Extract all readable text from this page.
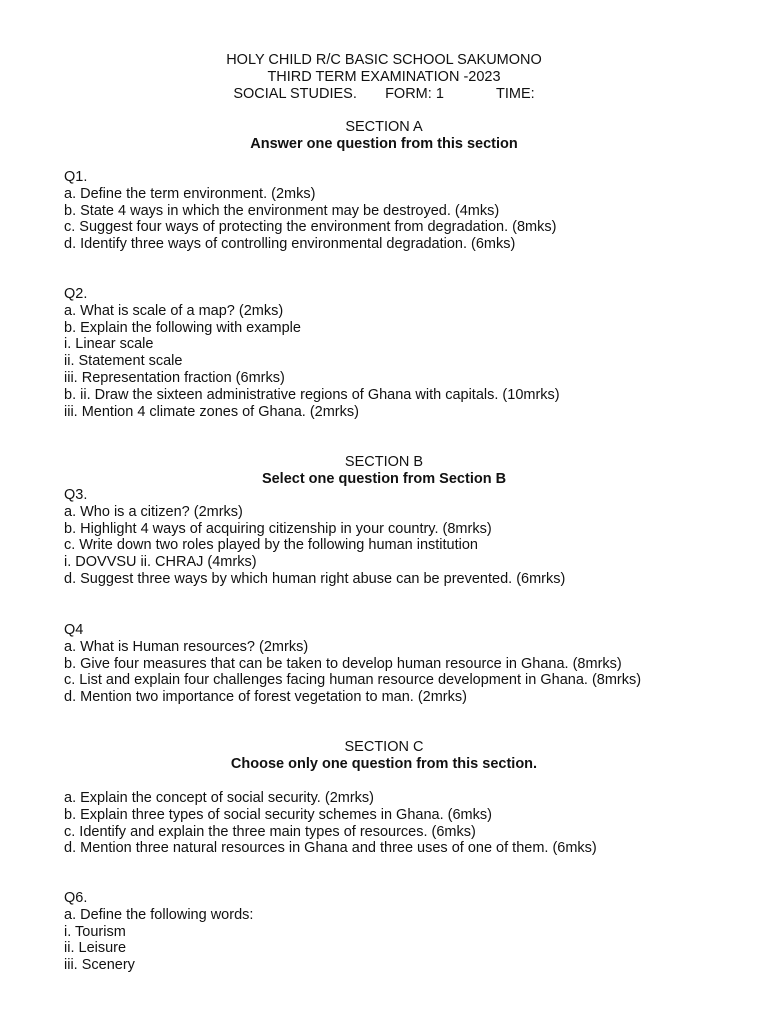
HOLY CHILD R/C BASIC SCHOOL SAKUMONO
THIRD TERM EXAMINATION -2023
SOCIAL STUDIES.       FORM: 1             TIME:
SECTION A
Answer one question from this section
Q1.
a. Define the term environment. (2mks)
b. State 4 ways in which the environment may be destroyed. (4mks)
c. Suggest four ways of protecting the environment from degradation. (8mks)
d. Identify three ways of controlling environmental degradation. (6mks)
Q2.
a. What is scale of a map? (2mks)
b. Explain the following with example
i. Linear scale
ii. Statement scale
iii. Representation fraction (6mrks)
b. ii. Draw the sixteen administrative regions of Ghana with capitals. (10mrks)
iii. Mention 4 climate zones of Ghana. (2mrks)
SECTION B
Select one question from Section B
Q3.
a. Who is a citizen? (2mrks)
b. Highlight 4 ways of acquiring citizenship in your country. (8mrks)
c. Write down two roles played by the following human institution
i. DOVVSU ii. CHRAJ (4mrks)
d. Suggest three ways by which human right abuse can be prevented. (6mrks)
Q4
a. What is Human resources? (2mrks)
b. Give four measures that can be taken to develop human resource in Ghana. (8mrks)
c. List and explain four challenges facing human resource development in Ghana. (8mrks)
d. Mention two importance of forest vegetation to man. (2mrks)
SECTION C
Choose only one question from this section.
a. Explain the concept of social security. (2mrks)
b. Explain three types of social security schemes in Ghana. (6mks)
c. Identify and explain the three main types of resources. (6mks)
d. Mention three natural resources in Ghana and three uses of one of them. (6mks)
Q6.
a. Define the following words:
i. Tourism
ii. Leisure
iii. Scenery
